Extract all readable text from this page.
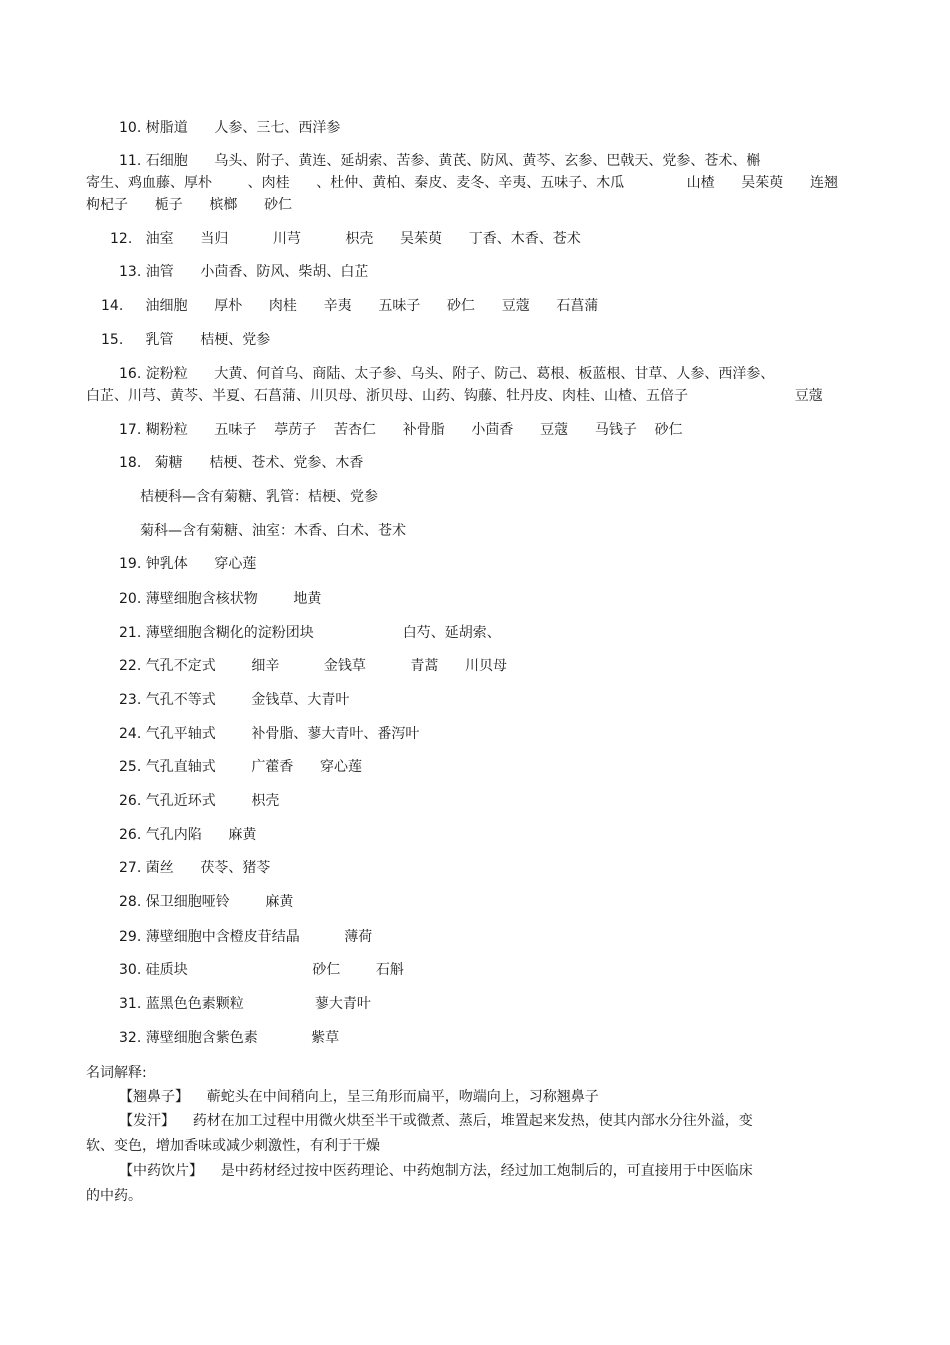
10. 树脂道      人参、三七、西洋参
11. 石细胞      乌头、附子、黄连、延胡索、苦参、黄芪、防风、黄芩、玄参、巴戟天、党参、苍术、槲
寄生、鸡血藤、厚朴        、肉桂      、杜仲、黄柏、秦皮、麦冬、辛夷、五味子、木瓜              山楂      吴茱萸      连翘
枸杞子      栀子      槟榔      砂仁
12.   油室      当归          川芎          枳壳      吴茱萸      丁香、木香、苍术
13. 油管      小茴香、防风、柴胡、白芷
14.     油细胞      厚朴      肉桂      辛夷      五味子      砂仁      豆蔻      石菖蒲
15.     乳管      桔梗、党参
16. 淀粉粒      大黄、何首乌、商陆、太子参、乌头、附子、防己、葛根、板蓝根、甘草、人参、西洋参、
白芷、川芎、黄芩、半夏、石菖蒲、川贝母、浙贝母、山药、钩藤、牡丹皮、肉桂、山楂、五倍子                        豆蔻
17. 糊粉粒      五味子    葶苈子    苦杏仁      补骨脂      小茴香      豆蔻      马钱子    砂仁
18.   菊糖      桔梗、苍术、党参、木香
桔梗科—含有菊糖、乳管：桔梗、党参
菊科—含有菊糖、油室：木香、白术、苍术
19. 钟乳体      穿心莲
20. 薄壁细胞含核状物        地黄
21. 薄壁细胞含糊化的淀粉团块                    白芍、延胡索、
22. 气孔不定式        细辛          金钱草          青蒿      川贝母
23. 气孔不等式        金钱草、大青叶
24. 气孔平轴式        补骨脂、蓼大青叶、番泻叶
25. 气孔直轴式        广藿香      穿心莲
26. 气孔近环式        枳壳
26. 气孔内陷      麻黄
27. 菌丝      茯苓、猪苓
28. 保卫细胞哑铃        麻黄
29. 薄壁细胞中含橙皮苷结晶          薄荷
30. 硅质块                            砂仁        石斛
31. 蓝黑色色素颗粒                蓼大青叶
32. 薄壁细胞含紫色素            紫草
名词解释:
【翘鼻子】    蕲蛇头在中间稍向上，呈三角形而扁平，吻端向上，习称翘鼻子
【发汗】    药材在加工过程中用微火烘至半干或微煮、蒸后，堆置起来发热，使其内部水分往外溢，变
软、变色，增加香味或减少刺激性，有利于干燥
【中药饮片】    是中药材经过按中医药理论、中药炮制方法，经过加工炮制后的，可直接用于中医临床
的中药。
